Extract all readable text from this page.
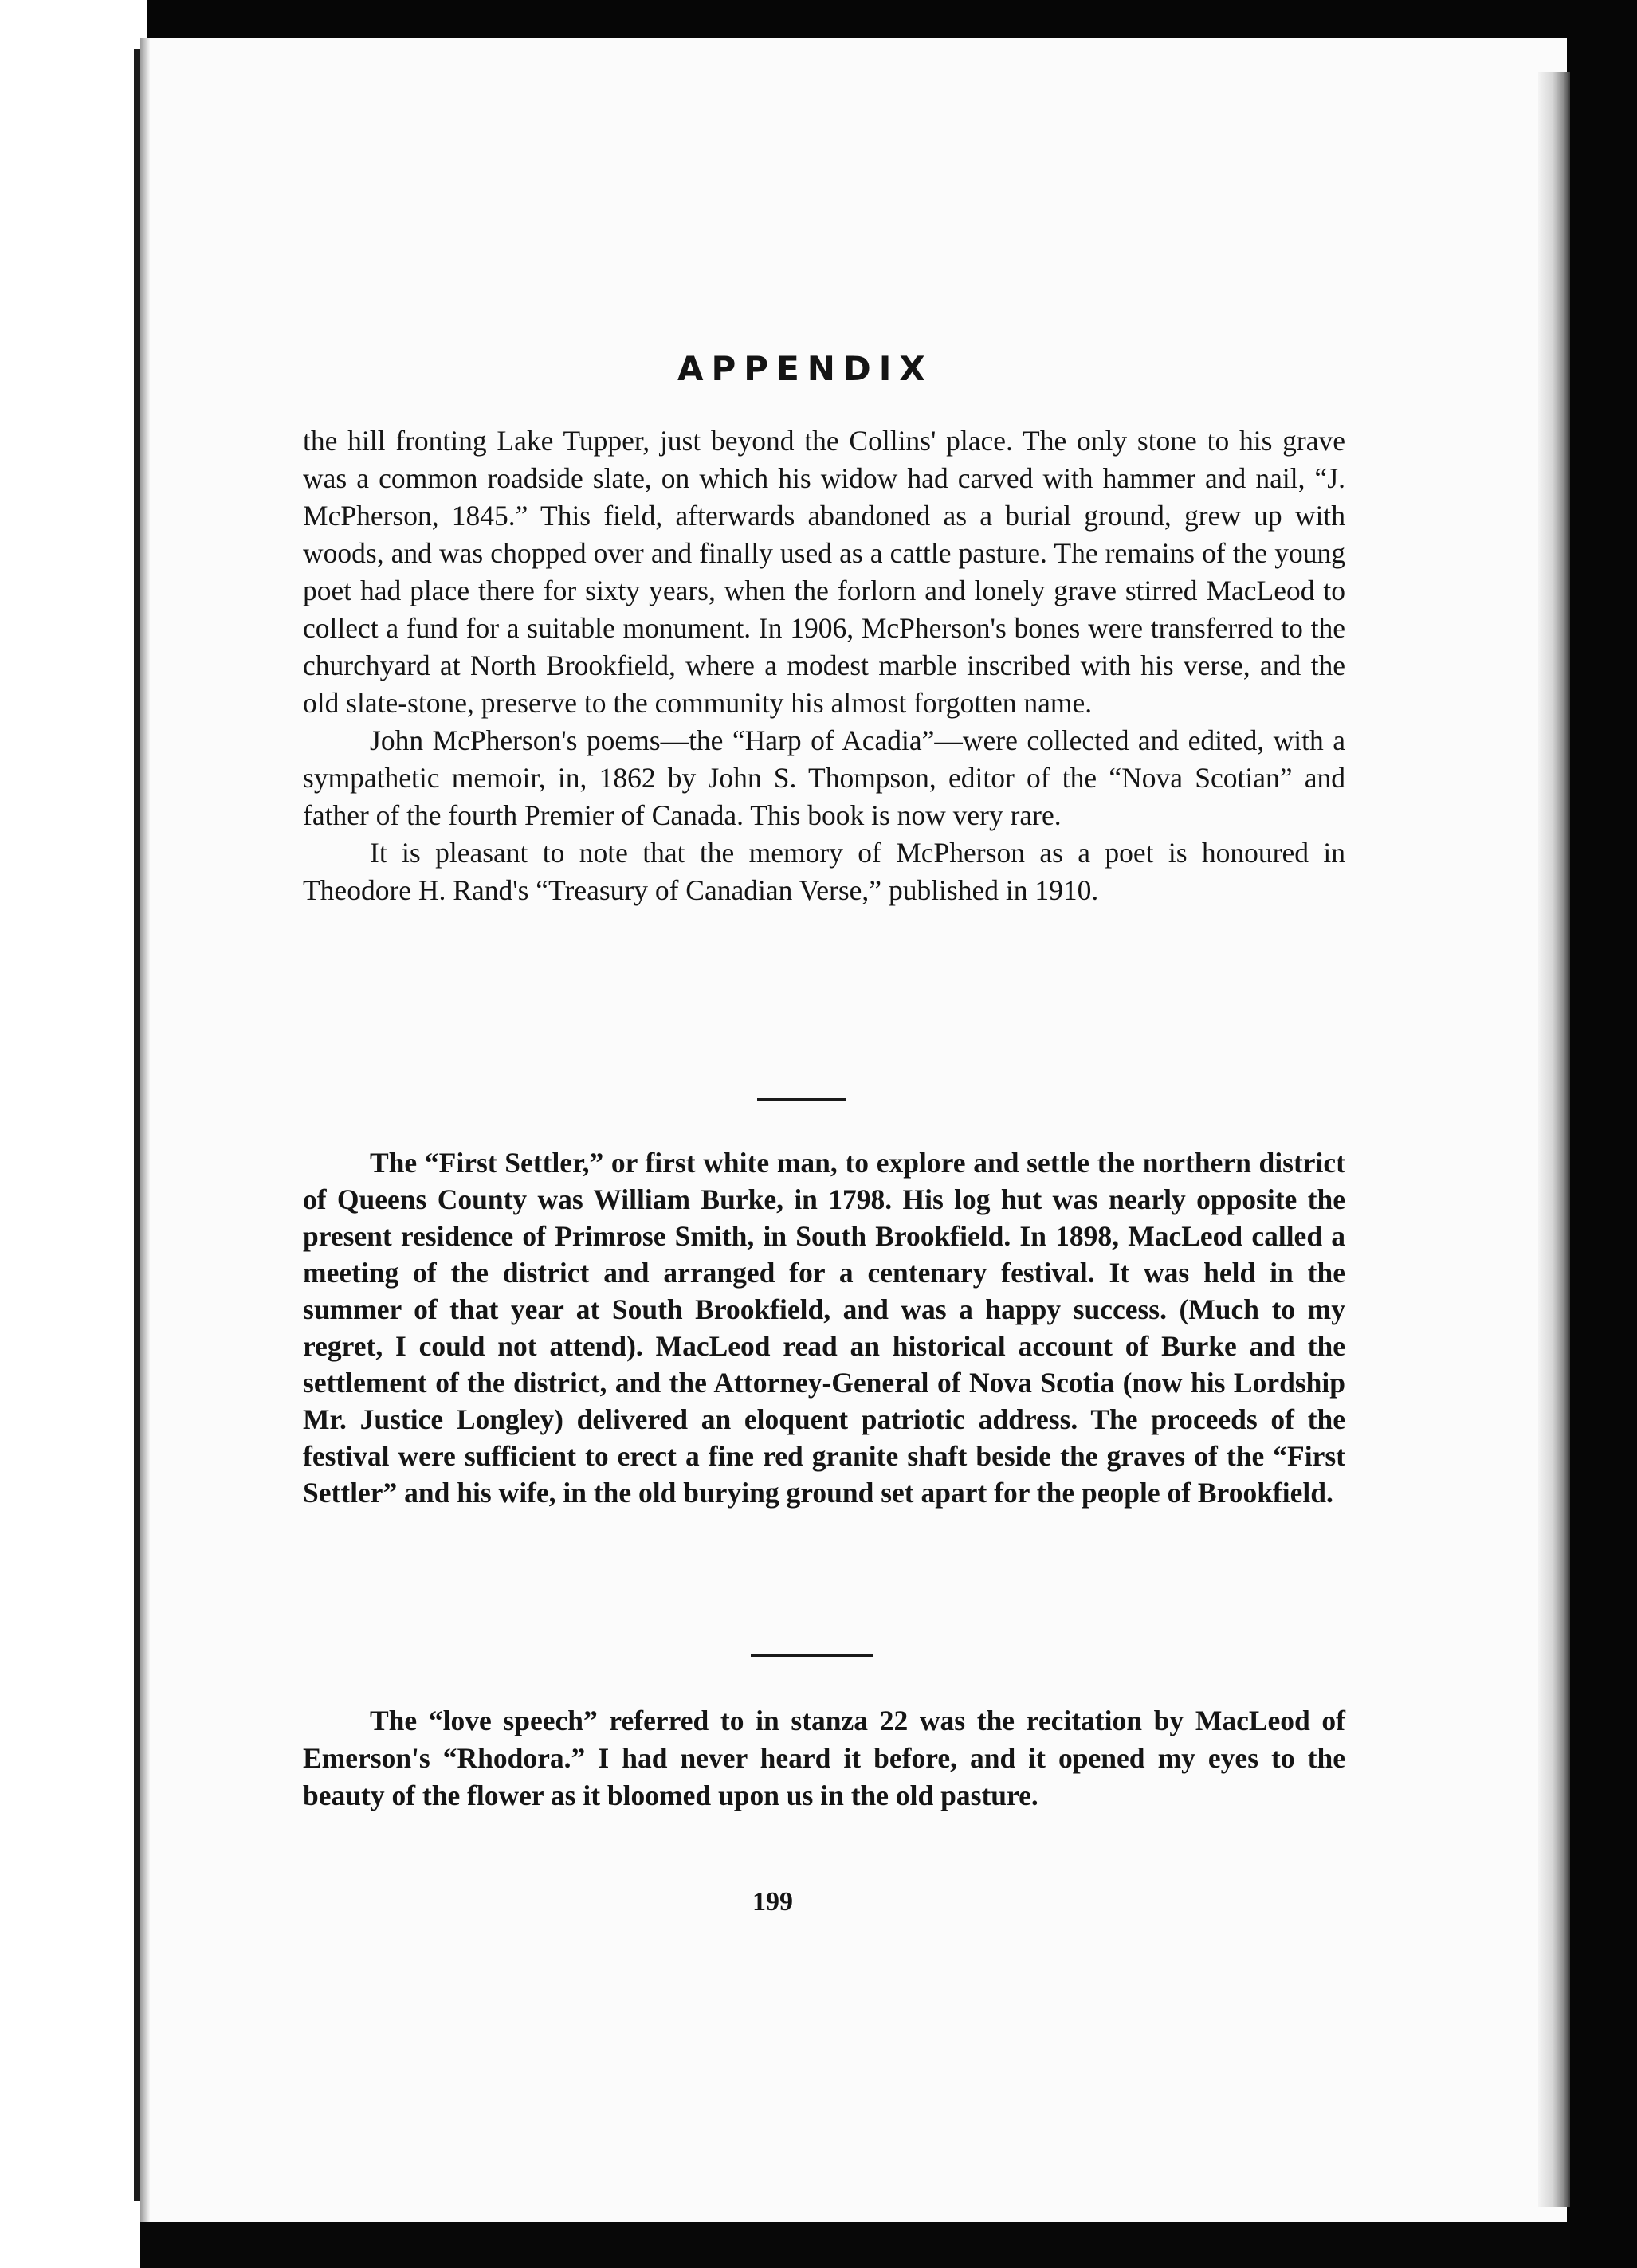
APPENDIX

the hill fronting Lake Tupper, just beyond the Collins' place. The only stone to his grave was a common roadside slate, on which his widow had carved with hammer and nail, “J. McPherson, 1845.” This field, afterwards abandoned as a burial ground, grew up with woods, and was chopped over and finally used as a cattle pasture. The remains of the young poet had place there for sixty years, when the forlorn and lonely grave stirred MacLeod to collect a fund for a suitable monument. In 1906, McPherson's bones were transferred to the churchyard at North Brookfield, where a modest marble inscribed with his verse, and the old slate-stone, preserve to the community his almost forgotten name.

John McPherson's poems—the “Harp of Acadia”—were collected and edited, with a sympathetic memoir, in, 1862 by John S. Thompson, editor of the “Nova Scotian” and father of the fourth Premier of Canada. This book is now very rare.

It is pleasant to note that the memory of McPherson as a poet is honoured in Theodore H. Rand's “Treasury of Canadian Verse,” published in 1910.

The “First Settler,” or first white man, to explore and settle the northern district of Queens County was William Burke, in 1798. His log hut was nearly opposite the present residence of Primrose Smith, in South Brookfield. In 1898, MacLeod called a meeting of the district and arranged for a centenary festival. It was held in the summer of that year at South Brookfield, and was a happy success. (Much to my regret, I could not attend). MacLeod read an historical account of Burke and the settlement of the district, and the Attorney-General of Nova Scotia (now his Lordship Mr. Justice Longley) delivered an eloquent patriotic address. The proceeds of the festival were sufficient to erect a fine red granite shaft beside the graves of the “First Settler” and his wife, in the old burying ground set apart for the people of Brookfield.

The “love speech” referred to in stanza 22 was the recitation by MacLeod of Emerson's “Rhodora.” I had never heard it before, and it opened my eyes to the beauty of the flower as it bloomed upon us in the old pasture.

199
